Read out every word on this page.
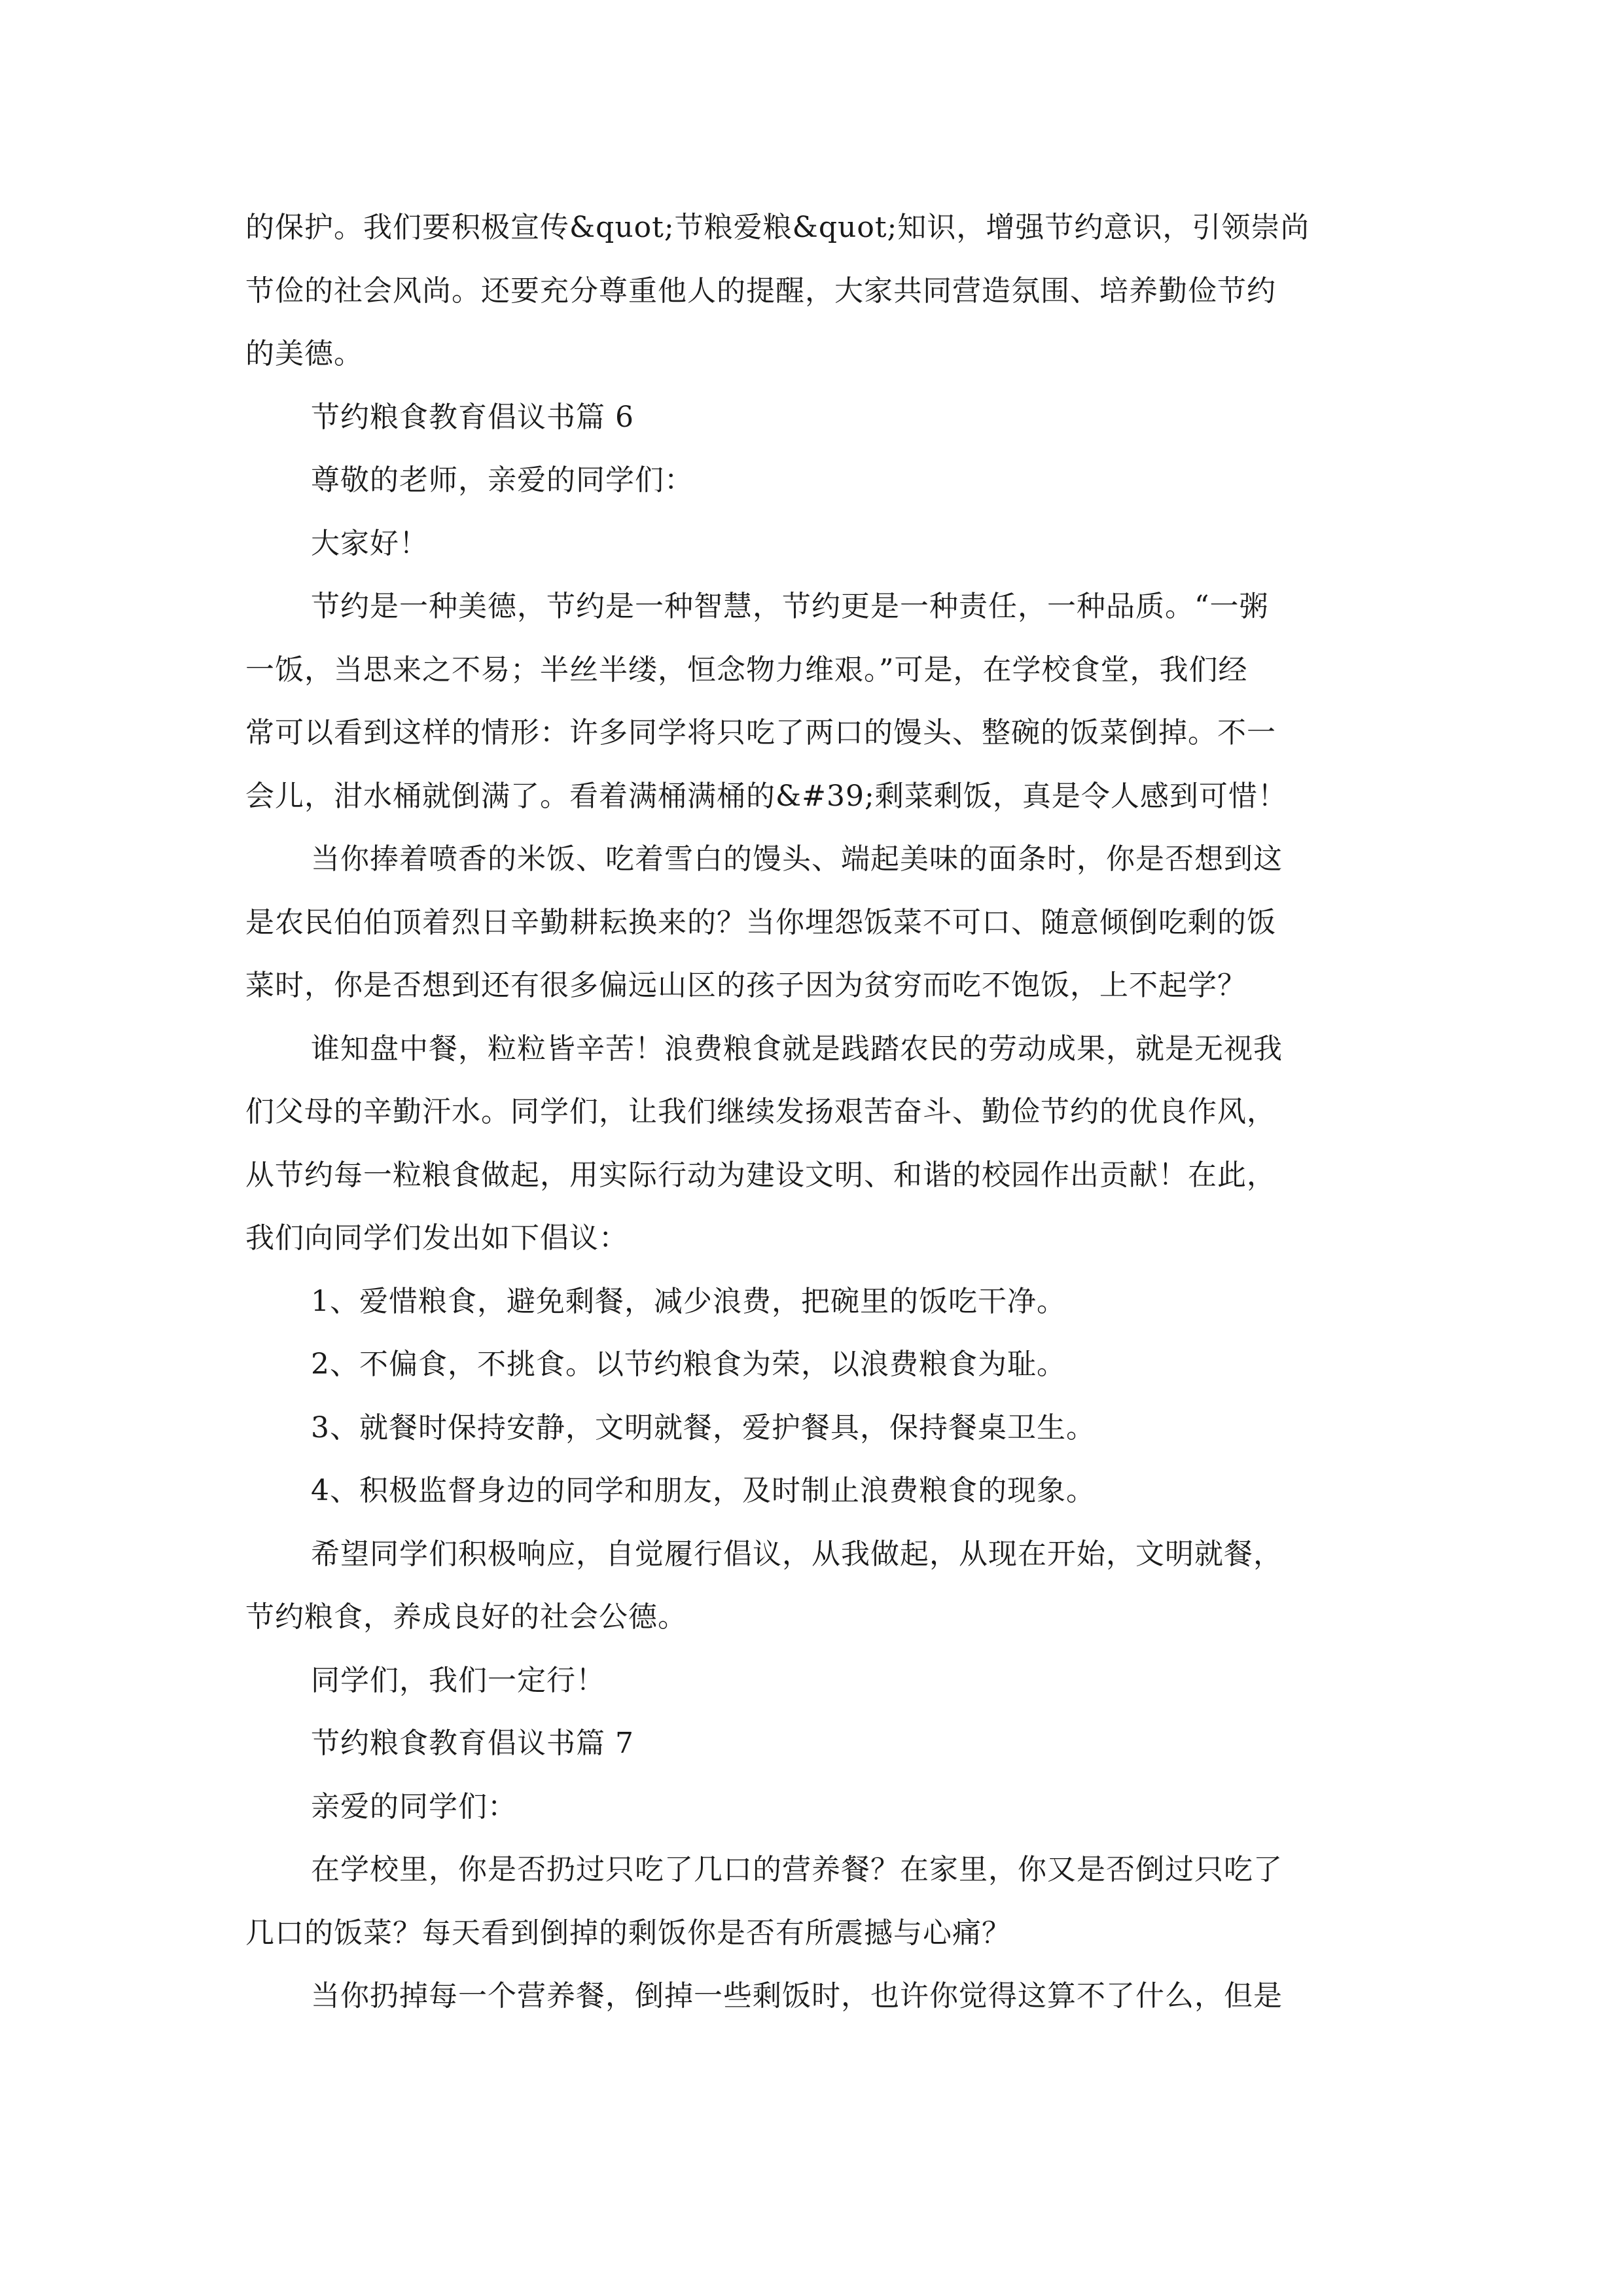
的保护。我们要积极宣传&quot;节粮爱粮&quot;知识，增强节约意识，引领崇尚
节俭的社会风尚。还要充分尊重他人的提醒，大家共同营造氛围、培养勤俭节约
的美德。
节约粮食教育倡议书篇 6
尊敬的老师，亲爱的同学们：
大家好！
节约是一种美德，节约是一种智慧，节约更是一种责任，一种品质。“一粥
一饭，当思来之不易；半丝半缕，恒念物力维艰。”可是，在学校食堂，我们经
常可以看到这样的情形：许多同学将只吃了两口的馒头、整碗的饭菜倒掉。不一
会儿，泔水桶就倒满了。看着满桶满桶的&#39;剩菜剩饭，真是令人感到可惜！
当你捧着喷香的米饭、吃着雪白的馒头、端起美味的面条时，你是否想到这
是农民伯伯顶着烈日辛勤耕耘换来的？当你埋怨饭菜不可口、随意倾倒吃剩的饭
菜时，你是否想到还有很多偏远山区的孩子因为贫穷而吃不饱饭，上不起学？
谁知盘中餐，粒粒皆辛苦！浪费粮食就是践踏农民的劳动成果，就是无视我
们父母的辛勤汗水。同学们，让我们继续发扬艰苦奋斗、勤俭节约的优良作风，
从节约每一粒粮食做起，用实际行动为建设文明、和谐的校园作出贡献！在此，
我们向同学们发出如下倡议：
1、爱惜粮食，避免剩餐，减少浪费，把碗里的饭吃干净。
2、不偏食，不挑食。以节约粮食为荣，以浪费粮食为耻。
3、就餐时保持安静，文明就餐，爱护餐具，保持餐桌卫生。
4、积极监督身边的同学和朋友，及时制止浪费粮食的现象。
希望同学们积极响应，自觉履行倡议，从我做起，从现在开始，文明就餐，
节约粮食，养成良好的社会公德。
同学们，我们一定行！
节约粮食教育倡议书篇 7
亲爱的同学们：
在学校里，你是否扔过只吃了几口的营养餐？在家里，你又是否倒过只吃了
几口的饭菜？每天看到倒掉的剩饭你是否有所震撼与心痛？
当你扔掉每一个营养餐，倒掉一些剩饭时，也许你觉得这算不了什么，但是
